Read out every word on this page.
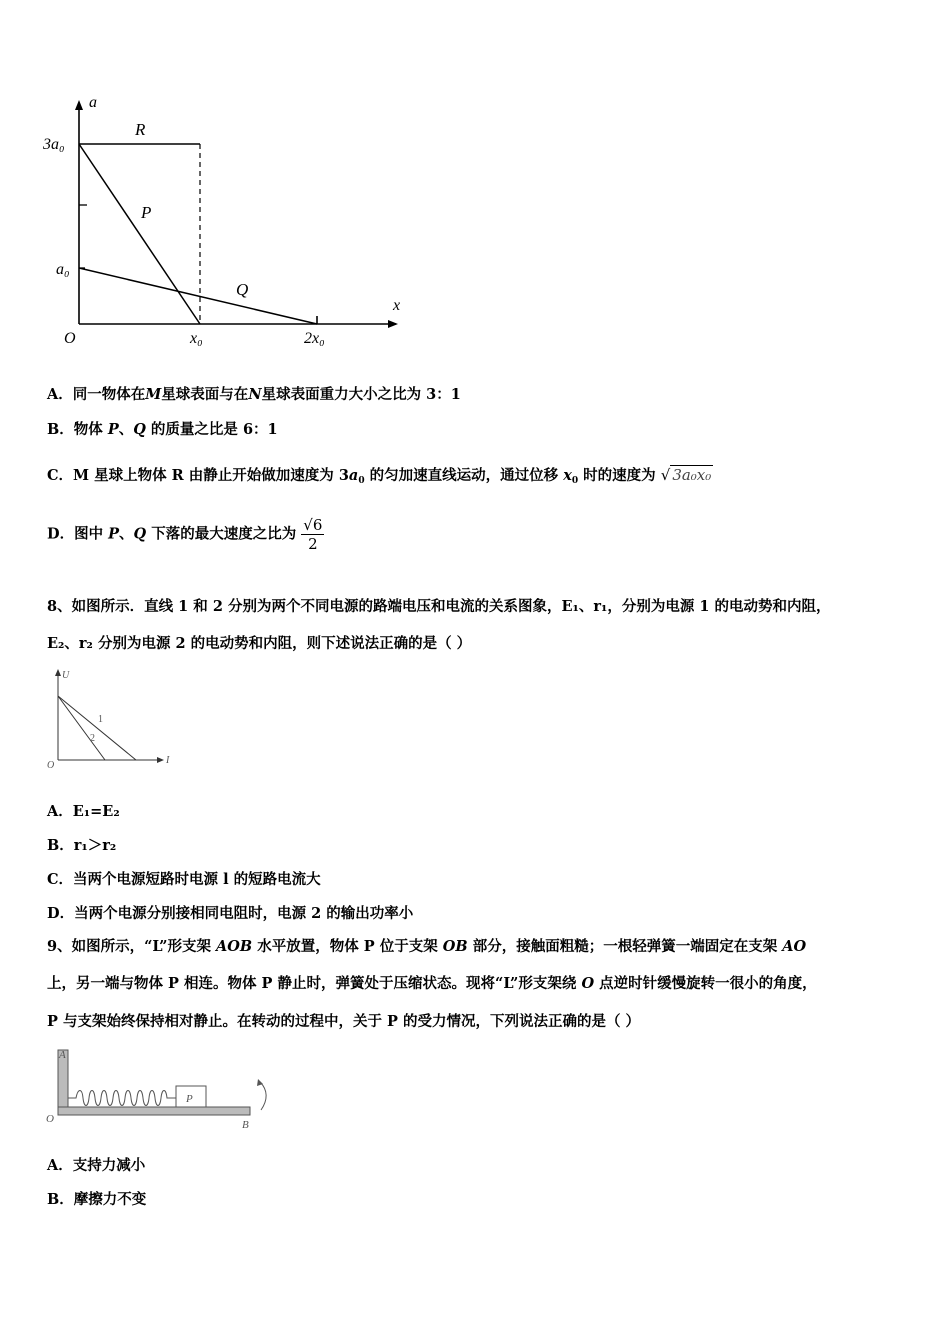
a
x
O
3a₀
a₀
x₀	2x₀
R
P
Q
A．同一物体在M星球表面与在N星球表面重力大小之比为 3：1
B．物体 P、Q 的质量之比是 6：1
C．M 星球上物体 R 由静止开始做加速度为 $3a_0$ 的匀加速直线运动，通过位移 $x_0$ 时的速度为 √ 3a₀x₀
D．图中 P、Q 下落的最大速度之比为 $\frac{√6}{2}$
8、如图所示．直线 1 和 2 分别为两个不同电源的路端电压和电流的关系图象，E₁、r₁，分别为电源 1 的电动势和内阻，
E₂、r₂ 分别为电源 2 的电动势和内阻，则下述说法正确的是（ ）
U
I
O
1
2
A．E₁=E₂
B．r₁＞r₂
C．当两个电源短路时电源 l 的短路电流大
D．当两个电源分别接相同电阻时，电源 2 的输出功率小
9、如图所示，“L”形支架 AOB 水平放置，物体 P 位于支架 OB 部分，接触面粗糙；一根轻弹簧一端固定在支架 AO
上，另一端与物体 P 相连。物体 P 静止时，弹簧处于压缩状态。现将“L”形支架绕 O 点逆时针缓慢旋转一很小的角度，
P 与支架始终保持相对静止。在转动的过程中，关于 P 的受力情况，下列说法正确的是（ ）
P
A
O	B
A．支持力减小
B．摩擦力不变
